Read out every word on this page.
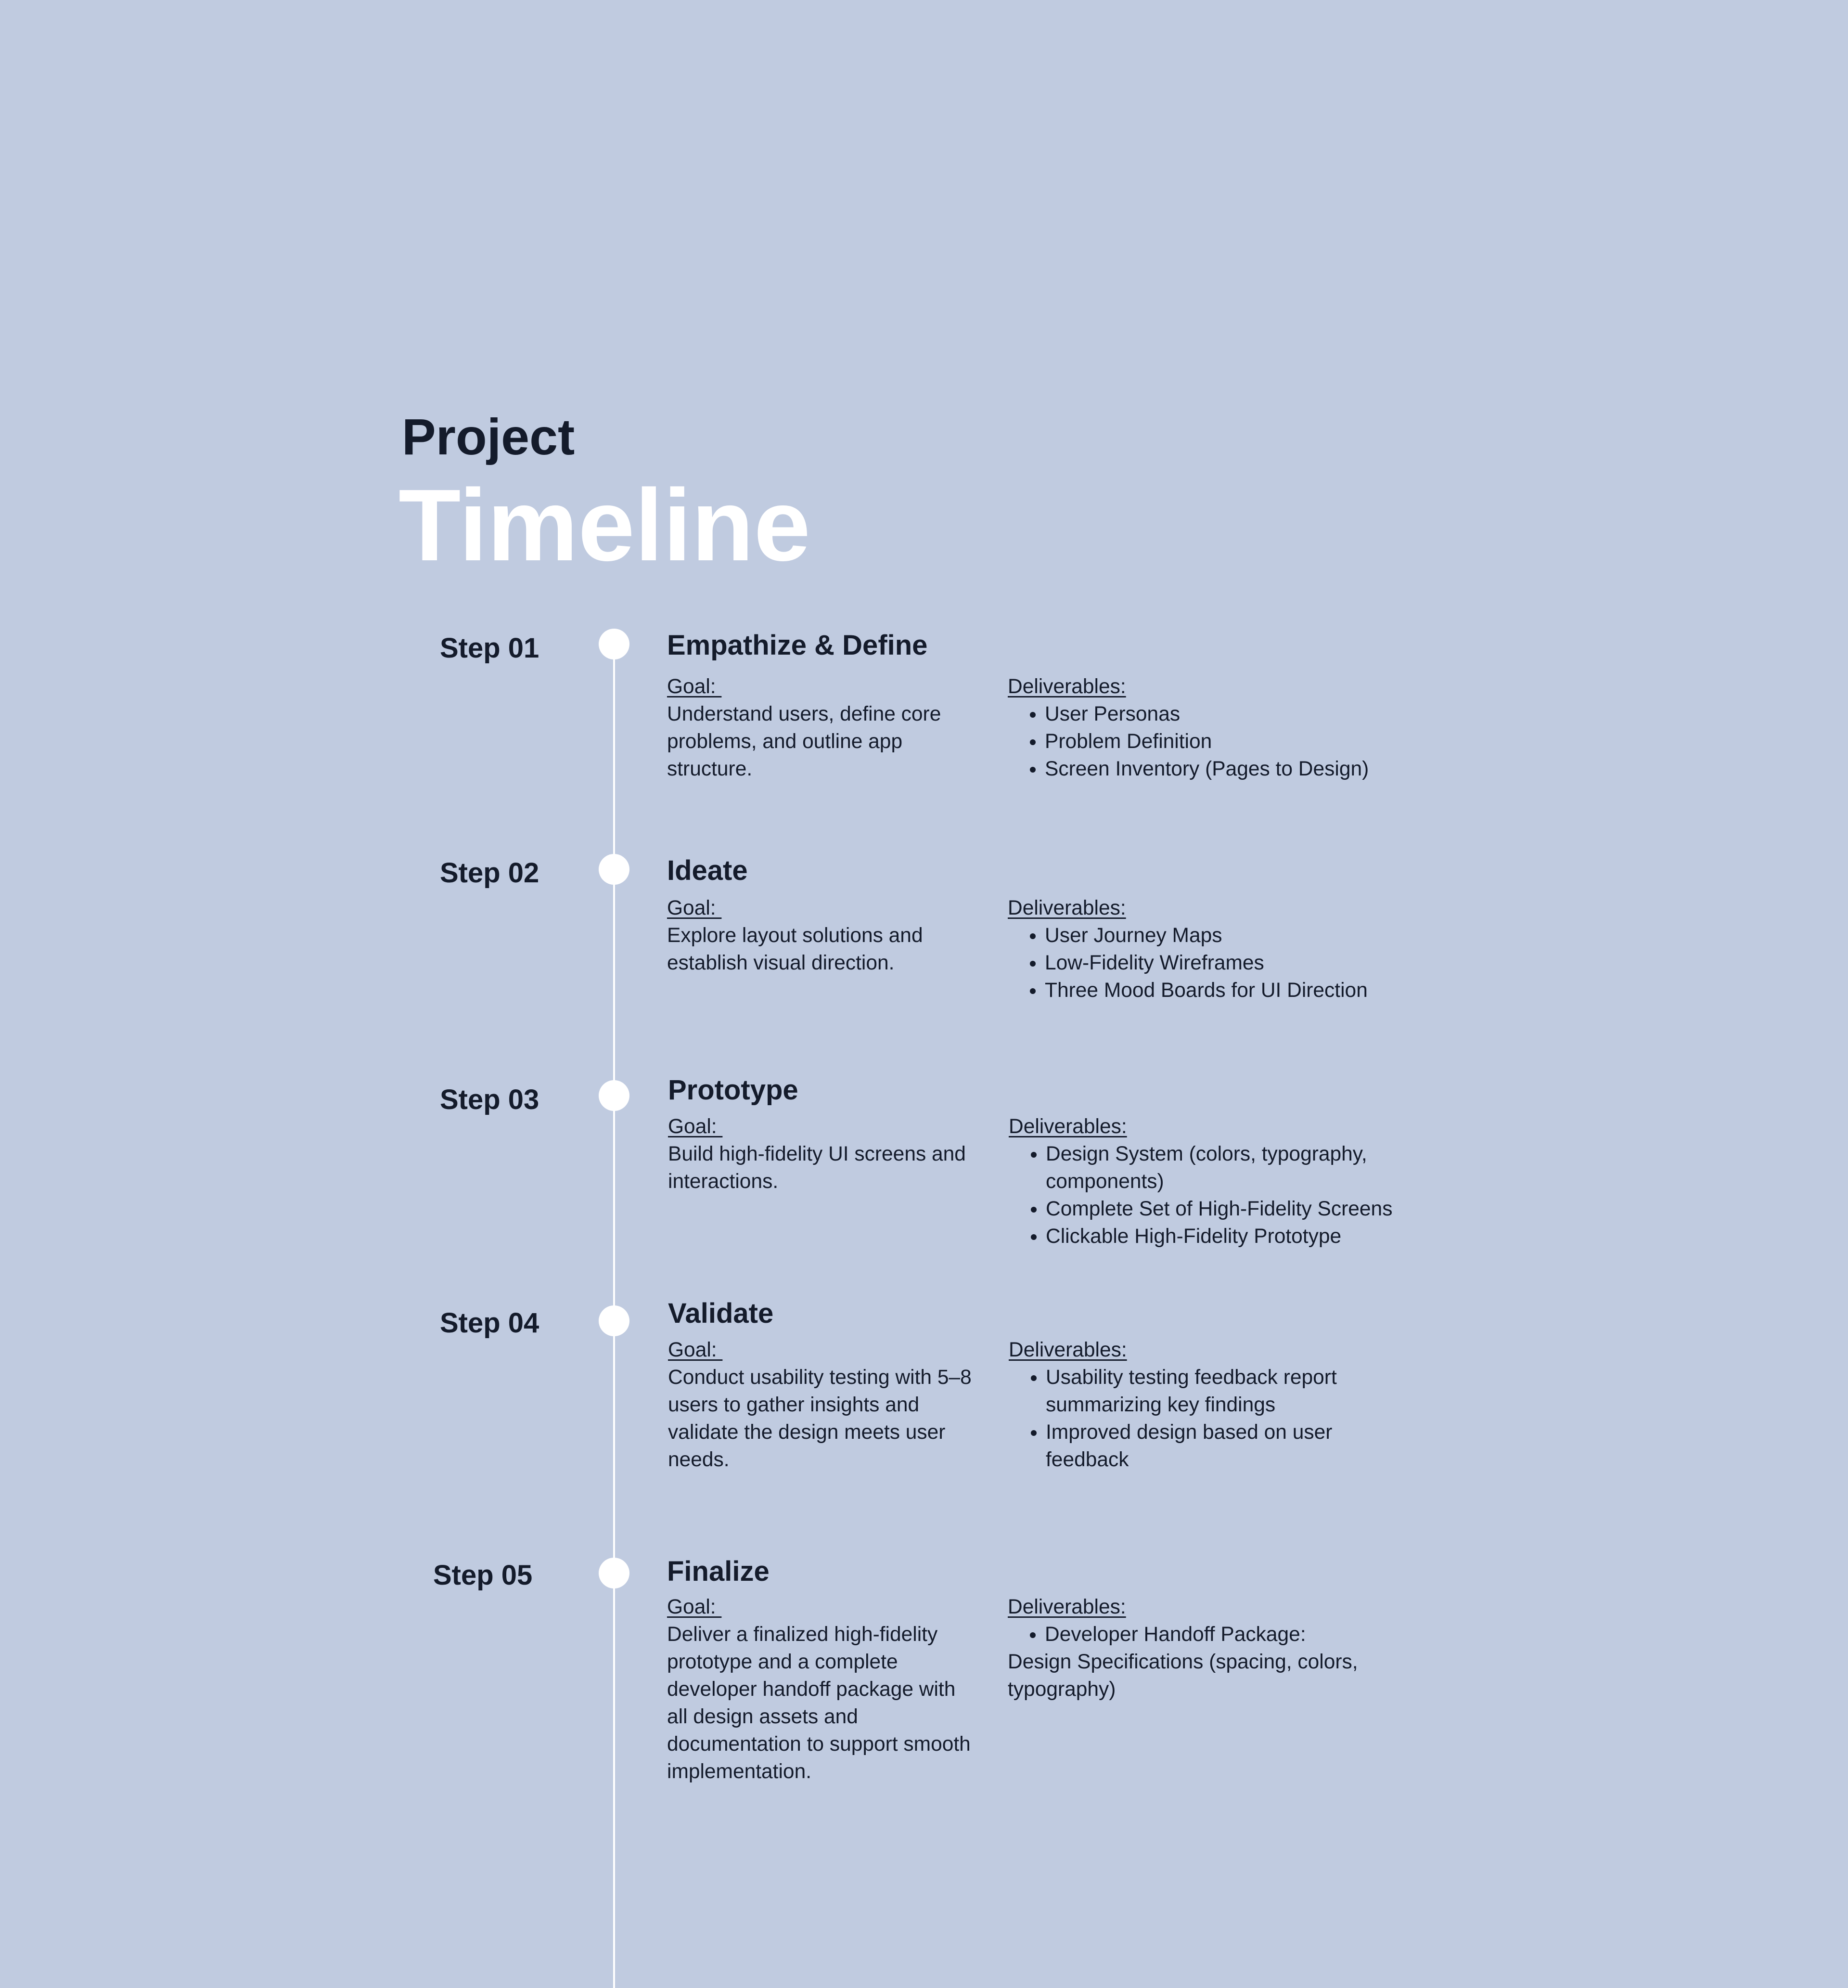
Project
Timeline
Step 01	Empathize & Define
Goal:
Understand users, define core problems, and outline app structure.
Deliverables:
• User Personas
• Problem Definition
• Screen Inventory (Pages to Design)
Step 02	Ideate
Goal:
Explore layout solutions and establish visual direction.
Deliverables:
• User Journey Maps
• Low-Fidelity Wireframes
• Three Mood Boards for UI Direction
Step 03	Prototype
Goal:
Build high-fidelity UI screens and interactions.
Deliverables:
• Design System (colors, typography, components)
• Complete Set of High-Fidelity Screens
• Clickable High-Fidelity Prototype
Step 04	Validate
Goal:
Conduct usability testing with 5–8 users to gather insights and validate the design meets user needs.
Deliverables:
• Usability testing feedback report summarizing key findings
• Improved design based on user feedback
Step 05	Finalize
Goal:
Deliver a finalized high-fidelity prototype and a complete developer handoff package with all design assets and documentation to support smooth implementation.
Deliverables:
• Developer Handoff Package:
Design Specifications (spacing, colors, typography)
